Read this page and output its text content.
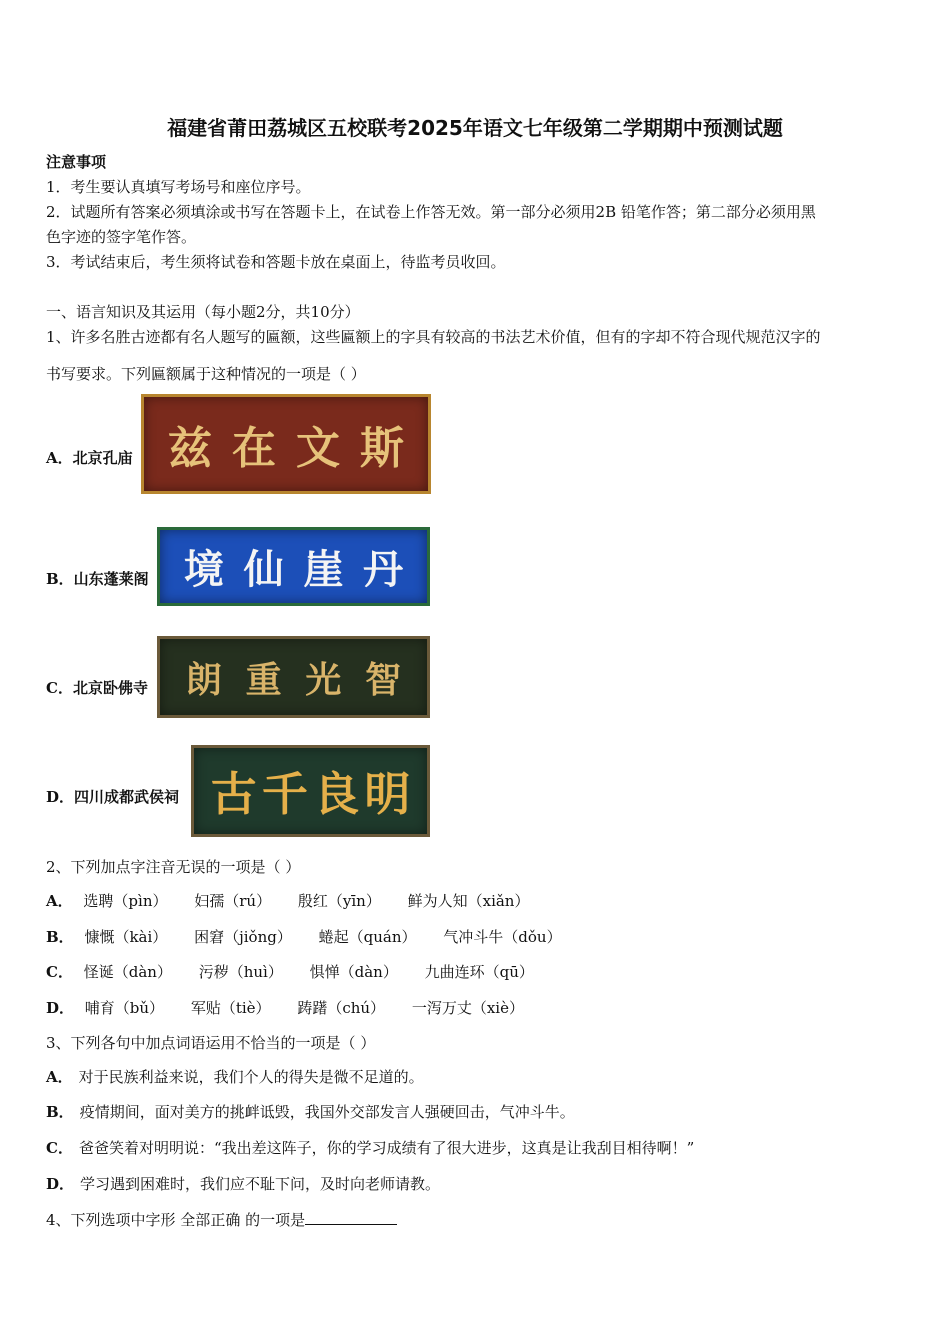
福建省莆田荔城区五校联考2025年语文七年级第二学期期中预测试题
注意事项
1．考生要认真填写考场号和座位序号。
2．试题所有答案必须填涂或书写在答题卡上，在试卷上作答无效。第一部分必须用2B 铅笔作答；第二部分必须用黑
色字迹的签字笔作答。
3．考试结束后，考生须将试卷和答题卡放在桌面上，待监考员收回。
一、语言知识及其运用（每小题2分，共10分）
1、许多名胜古迹都有名人题写的匾额，这些匾额上的字具有较高的书法艺术价值，但有的字却不符合现代规范汉字的
书写要求。下列匾额属于这种情况的一项是（ ）
A．北京孔庙 兹 在 文 斯
B．山东蓬莱阁 境 仙 崖 丹
C．北京卧佛寺 朗 重 光 智
D．四川成都武侯祠 古 千 良 明
2、下列加点字注音无误的一项是（ ）
A． 选聘（pìn） 妇孺（rú） 殷红（yīn） 鲜为人知（xiǎn）
B． 慷慨（kài） 困窘（jiǒng） 蜷起（quán） 气冲斗牛（dǒu）
C． 怪诞（dàn） 污秽（huì） 惧惮（dàn） 九曲连环（qū）
D． 哺育（bǔ） 军贴（tiè） 踌躇（chú） 一泻万丈（xiè）
3、下列各句中加点词语运用不恰当的一项是（ ）
A． 对于民族利益来说，我们个人的得失是微不足道的。
B． 疫情期间，面对美方的挑衅诋毁，我国外交部发言人强硬回击，气冲斗牛。
C． 爸爸笑着对明明说：“我出差这阵子，你的学习成绩有了很大进步，这真是让我刮目相待啊！”
D． 学习遇到困难时，我们应不耻下问，及时向老师请教。
4、下列选项中字形 全部正确 的一项是
